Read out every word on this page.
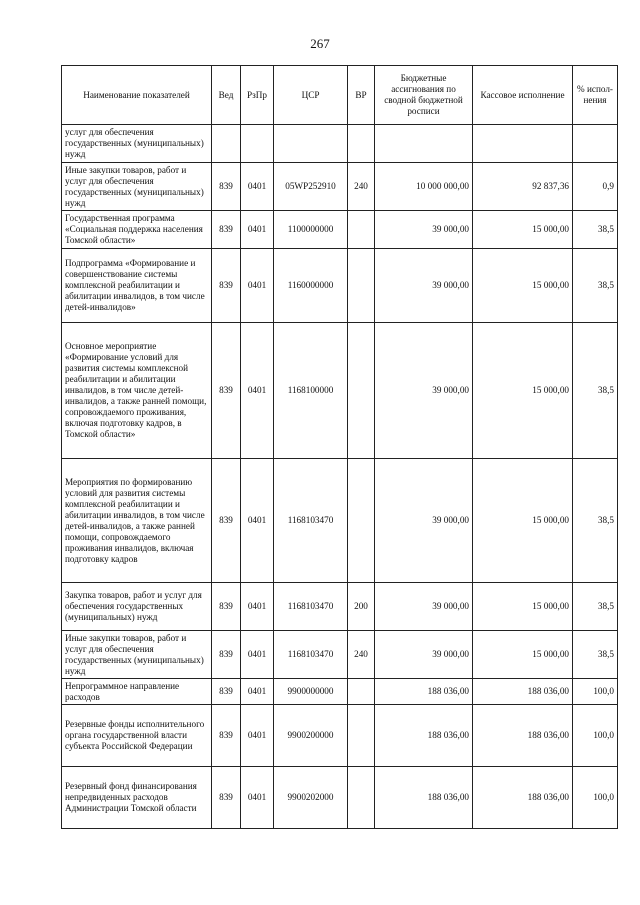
267
Наименование показателей	Вед	РзПр	ЦСР	ВР	Бюджетные ассигнования по сводной бюджетной росписи	Кассовое исполнение	% испол-нения
услуг для обеспечения государственных (муниципальных) нужд							
Иные закупки товаров, работ и услуг для обеспечения государственных (муниципальных) нужд	839	0401	05WP252910	240	10 000 000,00	92 837,36	0,9
Государственная программа «Социальная поддержка населения Томской области»	839	0401	1100000000		39 000,00	15 000,00	38,5
Подпрограмма «Формирование и совершенствование системы комплексной реабилитации и абилитации инвалидов, в том числе детей-инвалидов»	839	0401	1160000000		39 000,00	15 000,00	38,5
Основное мероприятие «Формирование условий для развития системы комплексной реабилитации и абилитации инвалидов, в том числе детей-инвалидов, а также ранней помощи, сопровождаемого проживания, включая подготовку кадров, в Томской области»	839	0401	1168100000		39 000,00	15 000,00	38,5
Мероприятия по формированию условий для развития системы комплексной реабилитации и абилитации инвалидов, в том числе детей-инвалидов, а также ранней помощи, сопровождаемого проживания инвалидов, включая подготовку кадров	839	0401	1168103470		39 000,00	15 000,00	38,5
Закупка товаров, работ и услуг для обеспечения государственных (муниципальных) нужд	839	0401	1168103470	200	39 000,00	15 000,00	38,5
Иные закупки товаров, работ и услуг для обеспечения государственных (муниципальных) нужд	839	0401	1168103470	240	39 000,00	15 000,00	38,5
Непрограммное направление расходов	839	0401	9900000000		188 036,00	188 036,00	100,0
Резервные фонды исполнительного органа государственной власти субъекта Российской Федерации	839	0401	9900200000		188 036,00	188 036,00	100,0
Резервный фонд финансирования непредвиденных расходов Администрации Томской области	839	0401	9900202000		188 036,00	188 036,00	100,0
